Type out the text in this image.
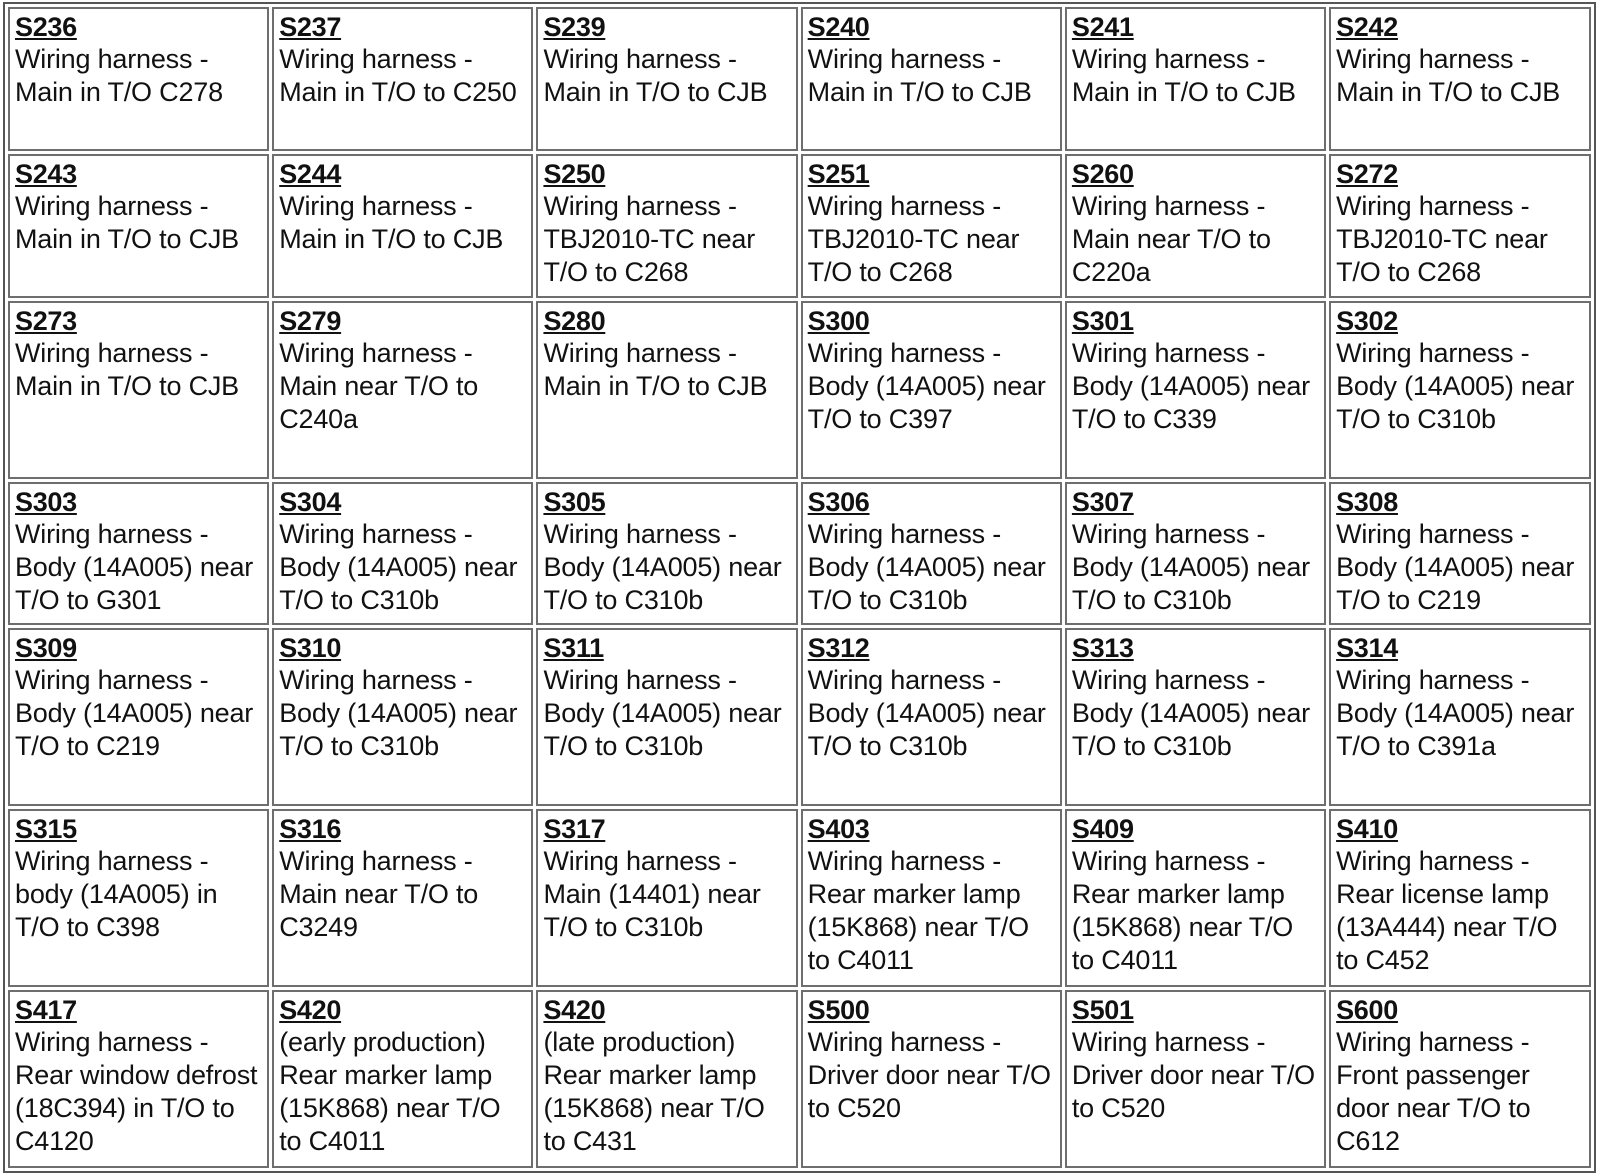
S236
Wiring harness - Main in T/O C278	S237
Wiring harness - Main in T/O to C250	S239
Wiring harness - Main in T/O to CJB	S240
Wiring harness - Main in T/O to CJB	S241
Wiring harness - Main in T/O to CJB	S242
Wiring harness - Main in T/O to CJB

S243
Wiring harness - Main in T/O to CJB	S244
Wiring harness - Main in T/O to CJB	S250
Wiring harness - TBJ2010-TC near T/O to C268	S251
Wiring harness - TBJ2010-TC near T/O to C268	S260
Wiring harness - Main near T/O to C220a	S272
Wiring harness - TBJ2010-TC near T/O to C268

S273
Wiring harness - Main in T/O to CJB	S279
Wiring harness - Main near T/O to C240a	S280
Wiring harness - Main in T/O to CJB	S300
Wiring harness - Body (14A005) near T/O to C397	S301
Wiring harness - Body (14A005) near T/O to C339	S302
Wiring harness - Body (14A005) near T/O to C310b

S303
Wiring harness - Body (14A005) near T/O to G301	S304
Wiring harness - Body (14A005) near T/O to C310b	S305
Wiring harness - Body (14A005) near T/O to C310b	S306
Wiring harness - Body (14A005) near T/O to C310b	S307
Wiring harness - Body (14A005) near T/O to C310b	S308
Wiring harness - Body (14A005) near T/O to C219

S309
Wiring harness - Body (14A005) near T/O to C219	S310
Wiring harness - Body (14A005) near T/O to C310b	S311
Wiring harness - Body (14A005) near T/O to C310b	S312
Wiring harness - Body (14A005) near T/O to C310b	S313
Wiring harness - Body (14A005) near T/O to C310b	S314
Wiring harness - Body (14A005) near T/O to C391a

S315
Wiring harness - body (14A005) in T/O to C398	S316
Wiring harness - Main near T/O to C3249	S317
Wiring harness - Main (14401) near T/O to C310b	S403
Wiring harness - Rear marker lamp (15K868) near T/O to C4011	S409
Wiring harness - Rear marker lamp (15K868) near T/O to C4011	S410
Wiring harness - Rear license lamp (13A444) near T/O to C452

S417
Wiring harness - Rear window defrost (18C394) in T/O to C4120	S420
(early production) Rear marker lamp (15K868) near T/O to C4011	S420
(late production) Rear marker lamp (15K868) near T/O to C431	S500
Wiring harness - Driver door near T/O to C520	S501
Wiring harness - Driver door near T/O to C520	S600
Wiring harness - Front passenger door near T/O to C612
